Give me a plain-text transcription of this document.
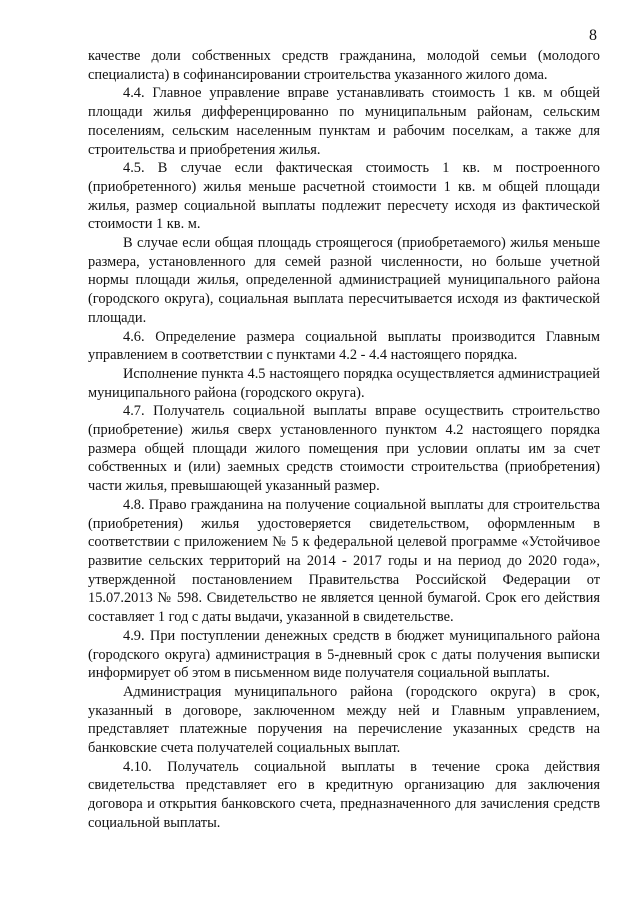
8

качестве доли собственных средств гражданина, молодой семьи (молодого специалиста) в софинансировании строительства указанного жилого дома.

4.4. Главное управление вправе устанавливать стоимость 1 кв. м общей площади жилья дифференцированно по муниципальным районам, сельским поселениям, сельским населенным пунктам и рабочим поселкам, а также для строительства и приобретения жилья.

4.5. В случае если фактическая стоимость 1 кв. м построенного (приобретенного) жилья меньше расчетной стоимости 1 кв. м общей площади жилья, размер социальной выплаты подлежит пересчету исходя из фактической стоимости 1 кв. м.

В случае если общая площадь строящегося (приобретаемого) жилья меньше размера, установленного для семей разной численности, но больше учетной нормы площади жилья, определенной администрацией муниципального района (городского округа), социальная выплата пересчитывается исходя из фактической площади.

4.6. Определение размера социальной выплаты производится Главным управлением в соответствии с пунктами 4.2 - 4.4 настоящего порядка.

Исполнение пункта 4.5 настоящего порядка осуществляется администрацией муниципального района (городского округа).

4.7. Получатель социальной выплаты вправе осуществить строительство (приобретение) жилья сверх установленного пунктом 4.2 настоящего порядка размера общей площади жилого помещения при условии оплаты им за счет собственных и (или) заемных средств стоимости строительства (приобретения) части жилья, превышающей указанный размер.

4.8. Право гражданина на получение социальной выплаты для строительства (приобретения) жилья удостоверяется свидетельством, оформленным в соответствии с приложением № 5 к федеральной целевой программе «Устойчивое развитие сельских территорий на 2014 - 2017 годы и на период до 2020 года», утвержденной постановлением Правительства Российской Федерации от 15.07.2013 № 598. Свидетельство не является ценной бумагой. Срок его действия составляет 1 год с даты выдачи, указанной в свидетельстве.

4.9. При поступлении денежных средств в бюджет муниципального района (городского округа) администрация в 5-дневный срок с даты получения выписки информирует об этом в письменном виде получателя социальной выплаты.

Администрация муниципального района (городского округа) в срок, указанный в договоре, заключенном между ней и Главным управлением, представляет платежные поручения на перечисление указанных средств на банковские счета получателей социальных выплат.

4.10. Получатель социальной выплаты в течение срока действия свидетельства представляет его в кредитную организацию для заключения договора и открытия банковского счета, предназначенного для зачисления средств социальной выплаты.
